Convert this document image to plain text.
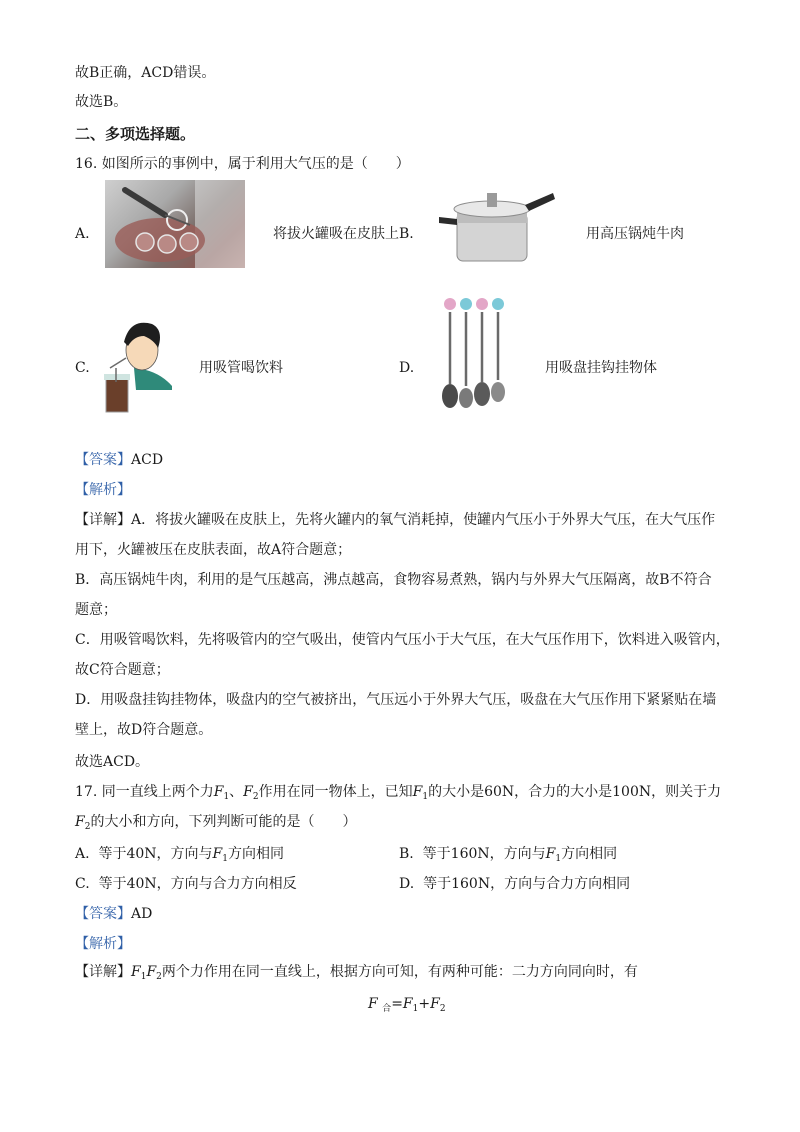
故B正确，ACD错误。
故选B。
二、多项选择题。
16. 如图所示的事例中，属于利用大气压的是（　　）
A.	将拔火罐吸在皮肤上 B.	用高压锅炖牛肉
C.	用吸管喝饮料	D.	用吸盘挂钩挂物体
【答案】ACD
【解析】
【详解】A．将拔火罐吸在皮肤上，先将火罐内的氧气消耗掉，使罐内气压小于外界大气压，在大气压作
用下，火罐被压在皮肤表面，故A符合题意；
B．高压锅炖牛肉，利用的是气压越高，沸点越高，食物容易煮熟，锅内与外界大气压隔离，故B不符合
题意；
C．用吸管喝饮料，先将吸管内的空气吸出，使管内气压小于大气压，在大气压作用下，饮料进入吸管内，
故C符合题意；
D．用吸盘挂钩挂物体，吸盘内的空气被挤出，气压远小于外界大气压，吸盘在大气压作用下紧紧贴在墙
壁上，故D符合题意。
故选ACD。
17. 同一直线上两个力$F_1$、$F_2$作用在同一物体上，已知$F_1$的大小是60N，合力的大小是100N，则关于力
$F_2$的大小和方向，下列判断可能的是（　　）
A. 等于40N，方向与$F_1$方向相同	B. 等于160N，方向与$F_1$方向相同
C. 等于40N，方向与合力方向相反	D. 等于160N，方向与合力方向相同
【答案】AD
【解析】
【详解】$F_1F_2$两个力作用在同一直线上，根据方向可知，有两种可能：二力方向同向时，有
F $_合=F_1+F_2$
